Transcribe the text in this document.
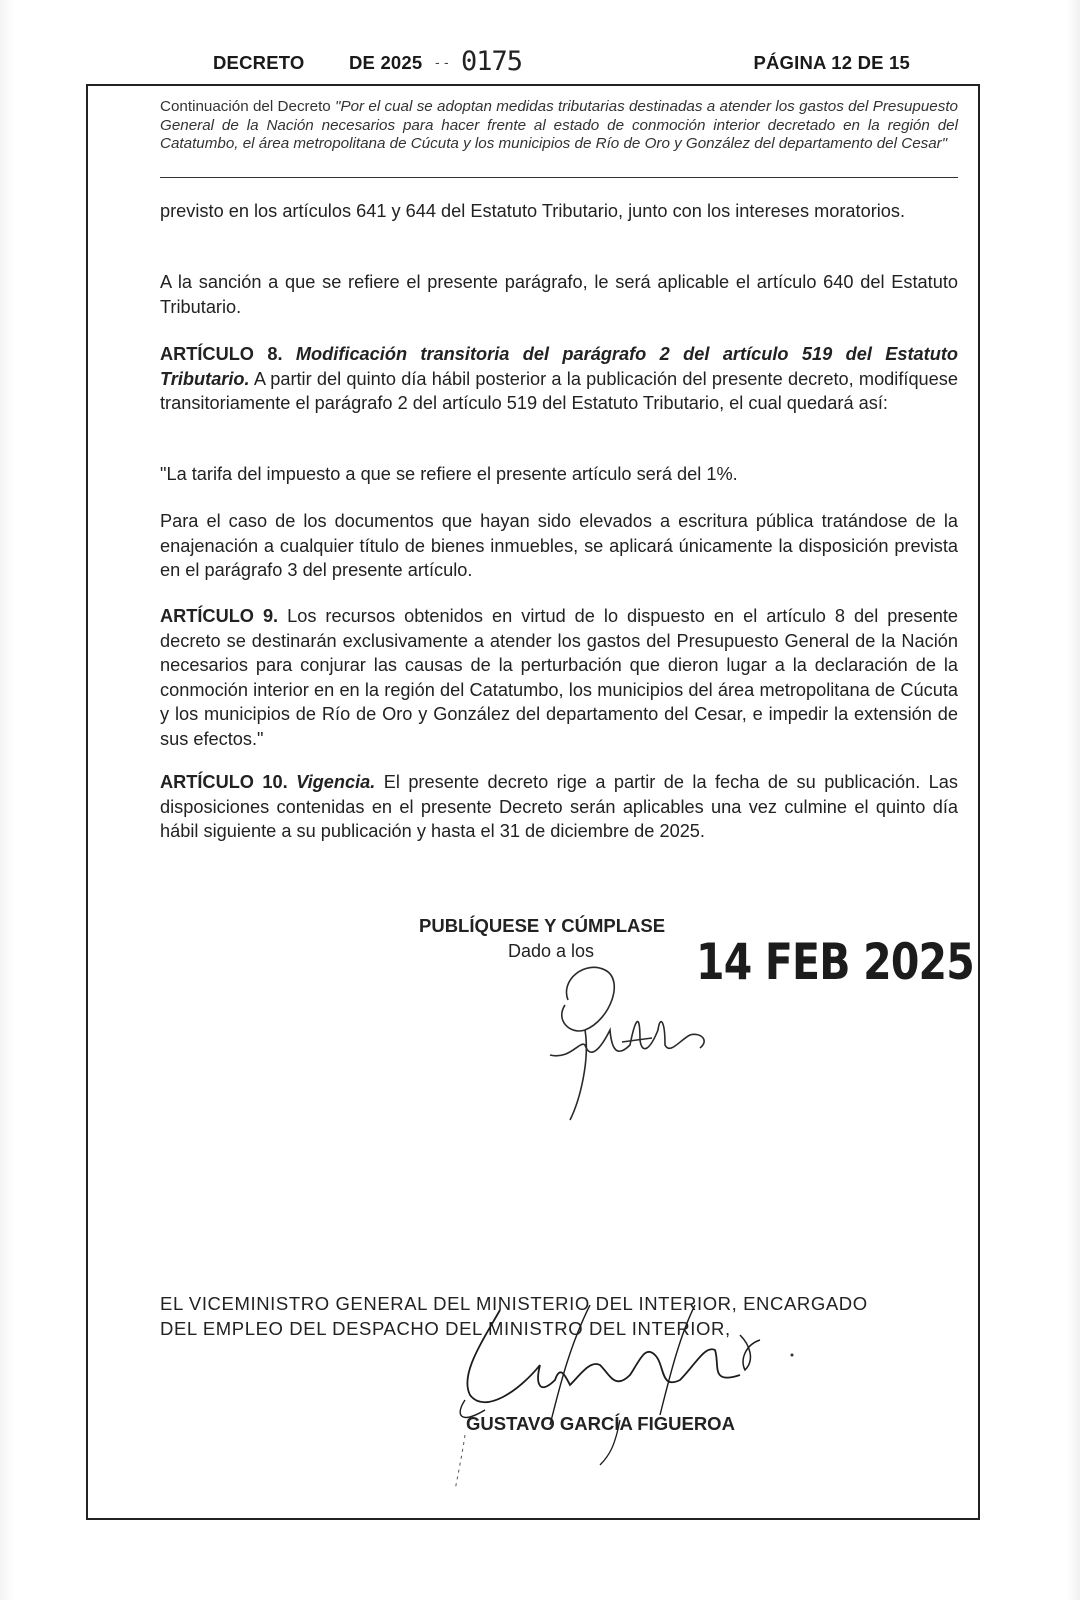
DECRETO DE 2025 - - 0175	PÁGINA 12 DE 15
Continuación del Decreto "Por el cual se adoptan medidas tributarias destinadas a atender los gastos del Presupuesto General de la Nación necesarios para hacer frente al estado de conmoción interior decretado en la región del Catatumbo, el área metropolitana de Cúcuta y los municipios de Río de Oro y González del departamento del Cesar"
previsto en los artículos 641 y 644 del Estatuto Tributario, junto con los intereses moratorios.
A la sanción a que se refiere el presente parágrafo, le será aplicable el artículo 640 del Estatuto Tributario.
ARTÍCULO 8. Modificación transitoria del parágrafo 2 del artículo 519 del Estatuto Tributario. A partir del quinto día hábil posterior a la publicación del presente decreto, modifíquese transitoriamente el parágrafo 2 del artículo 519 del Estatuto Tributario, el cual quedará así:
"La tarifa del impuesto a que se refiere el presente artículo será del 1%.
Para el caso de los documentos que hayan sido elevados a escritura pública tratándose de la enajenación a cualquier título de bienes inmuebles, se aplicará únicamente la disposición prevista en el parágrafo 3 del presente artículo.
ARTÍCULO 9. Los recursos obtenidos en virtud de lo dispuesto en el artículo 8 del presente decreto se destinarán exclusivamente a atender los gastos del Presupuesto General de la Nación necesarios para conjurar las causas de la perturbación que dieron lugar a la declaración de la conmoción interior en en la región del Catatumbo, los municipios del área metropolitana de Cúcuta y los municipios de Río de Oro y González del departamento del Cesar, e impedir la extensión de sus efectos."
ARTÍCULO 10. Vigencia. El presente decreto rige a partir de la fecha de su publicación. Las disposiciones contenidas en el presente Decreto serán aplicables una vez culmine el quinto día hábil siguiente a su publicación y hasta el 31 de diciembre de 2025.
PUBLÍQUESE Y CÚMPLASE
Dado a los 14 FEB 2025
EL VICEMINISTRO GENERAL DEL MINISTERIO DEL INTERIOR, ENCARGADO
DEL EMPLEO DEL DESPACHO DEL MINISTRO DEL INTERIOR,
GUSTAVO GARCÍA FIGUEROA
